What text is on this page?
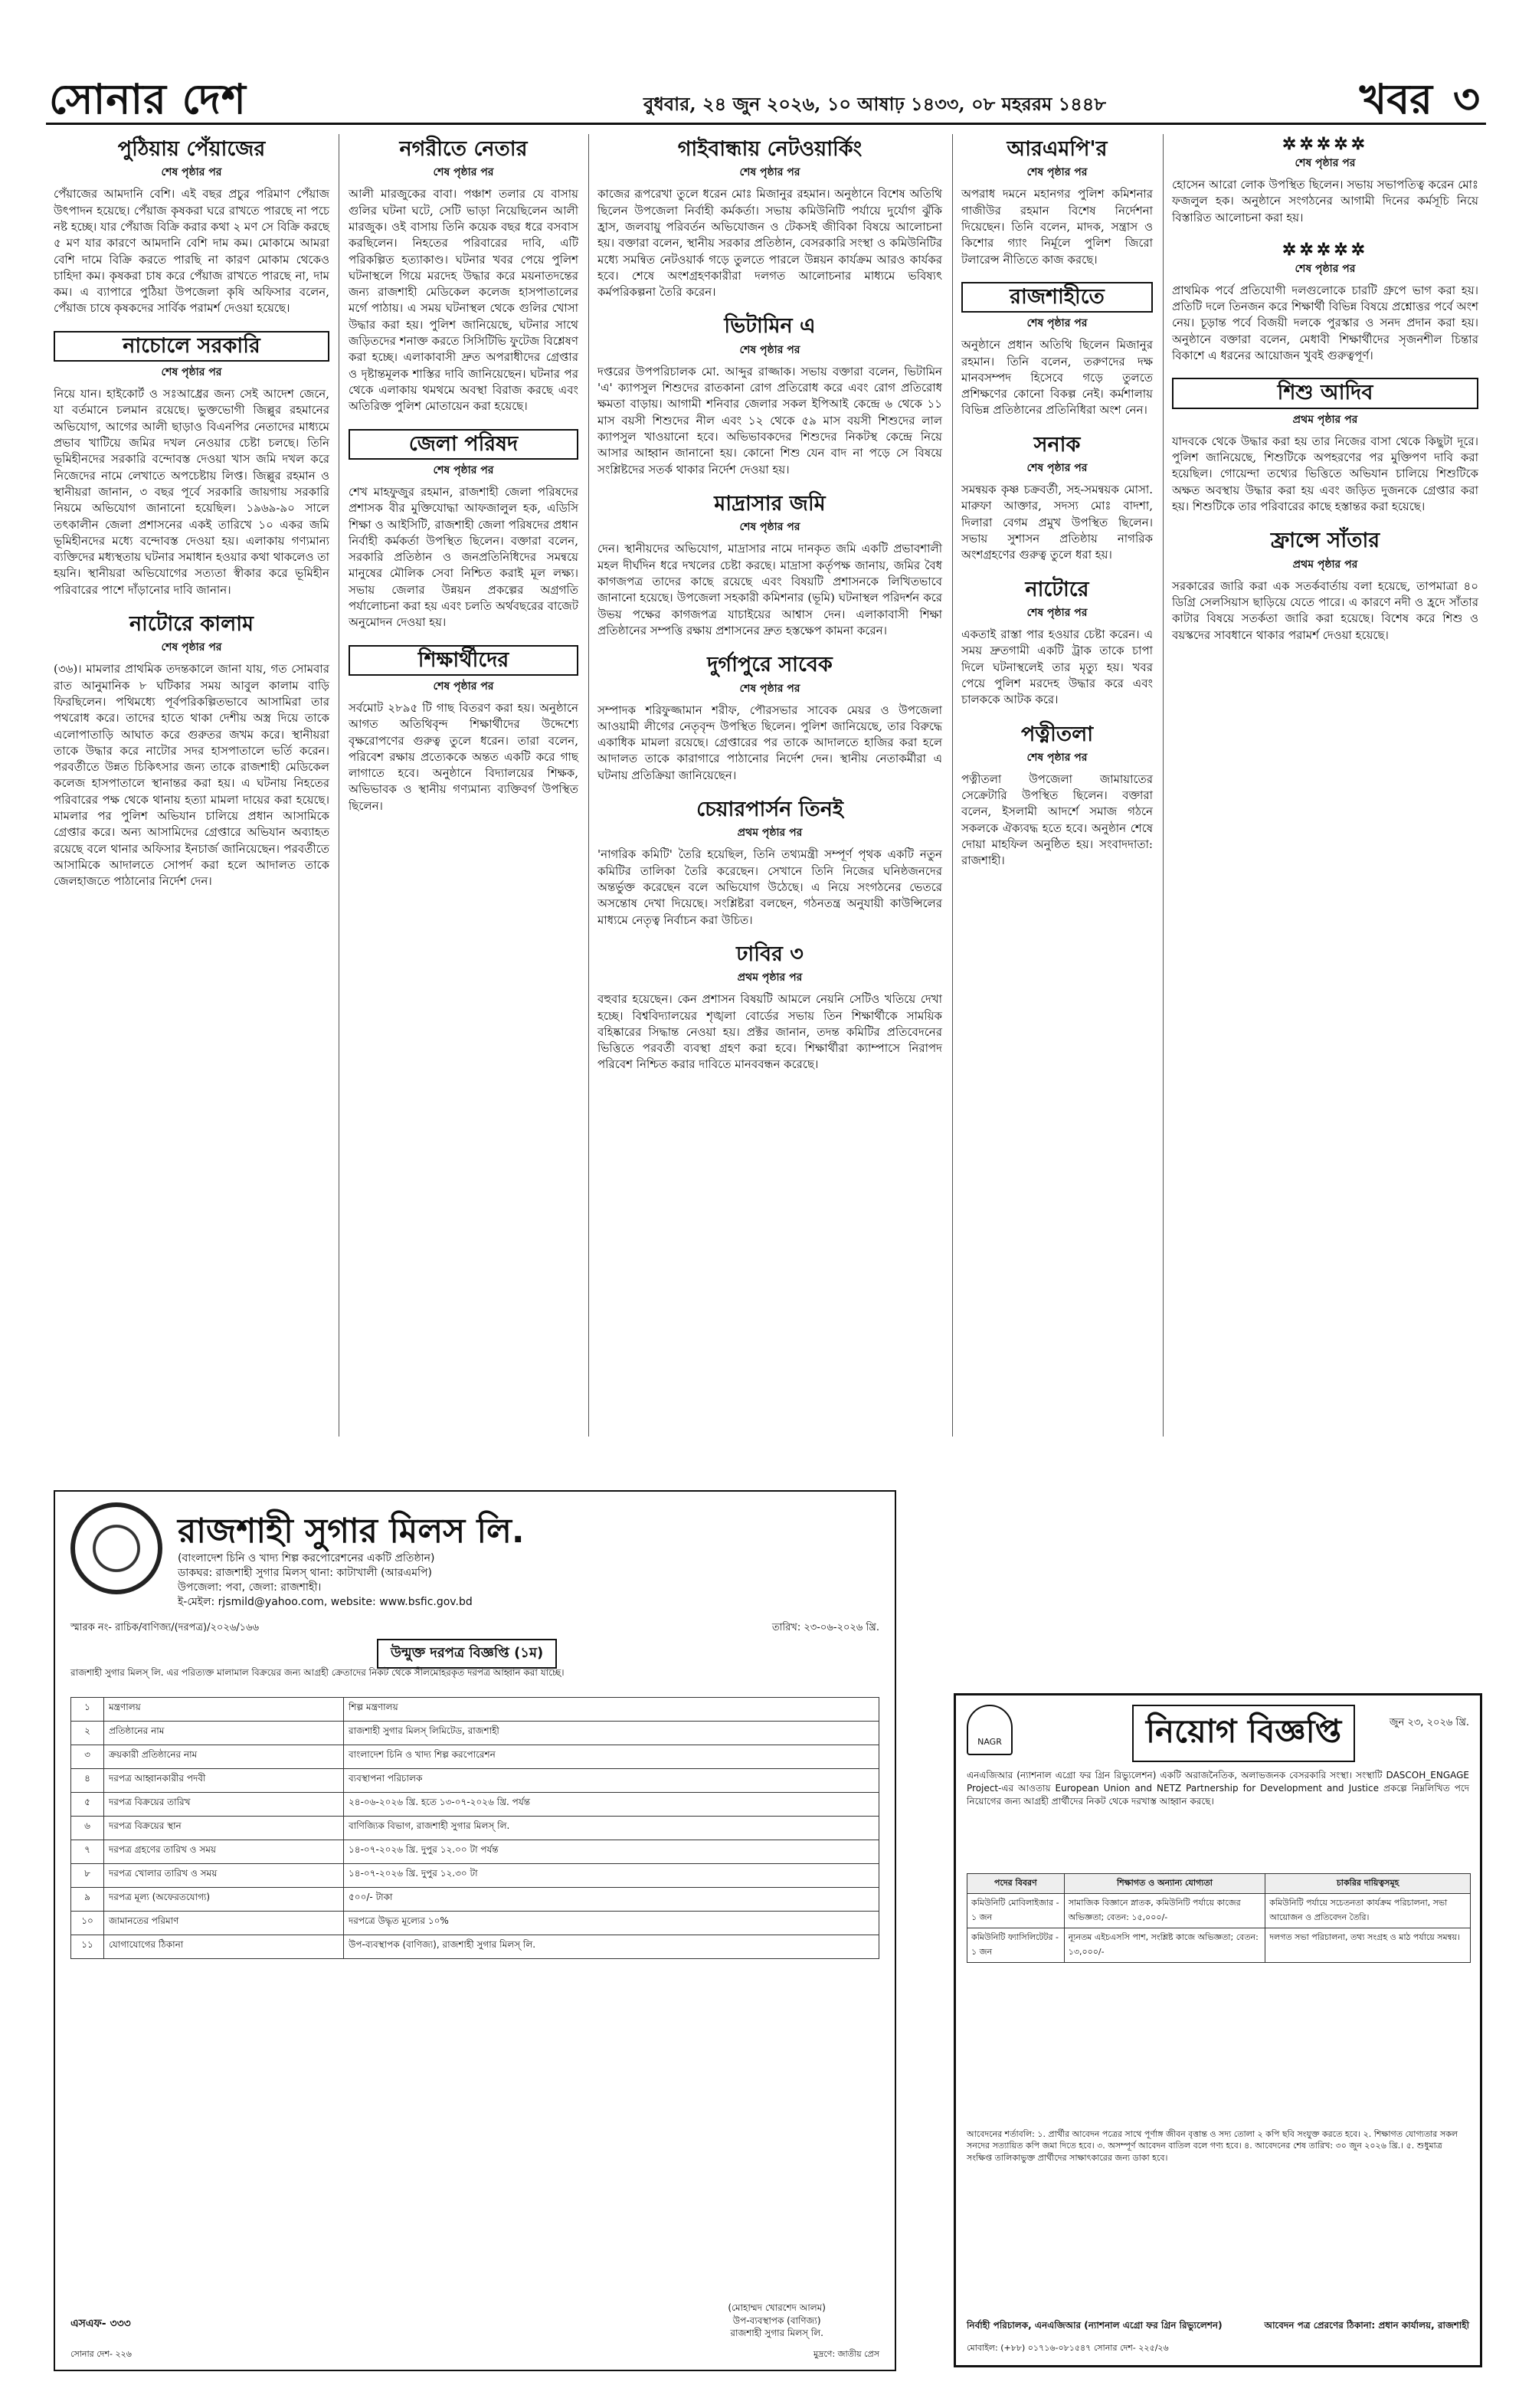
সোনার দেশ	বুধবার, ২৪ জুন ২০২৬, ১০ আষাঢ় ১৪৩৩, ০৮ মহররম ১৪৪৮	খবর ৩
পুঠিয়ায় পেঁয়াজের
শেষ পৃষ্ঠার পর
পেঁয়াজের আমদানি বেশি। এই বছর প্রচুর পরিমাণ পেঁয়াজ উৎপাদন হয়েছে। পেঁয়াজ কৃষকরা ঘরে রাখতে পারছে না পচে নষ্ট হচ্ছে। যার পেঁয়াজ বিক্রি করার কথা ২ মণ সে বিক্রি করছে ৫ মণ যার কারণে আমদানি বেশি দাম কম। মোকামে আমরা বেশি দামে বিক্রি করতে পারছি না কারণ মোকাম থেকেও চাহিদা কম। কৃষকরা চাষ করে পেঁয়াজ রাখতে পারছে না, দাম কম। এ ব্যাপারে পুঠিয়া উপজেলা কৃষি অফিসার বলেন, পেঁয়াজ চাষে কৃষকদের সার্বিক পরামর্শ দেওয়া হয়েছে।
নাচোলে সরকারি
শেষ পৃষ্ঠার পর
নিয়ে যান। হাইকোর্ট ও সঃআধ্রের জন্য সেই আদেশ জেনে, যা বর্তমানে চলমান রয়েছে। ভুক্তভোগী জিল্লুর রহমানের অভিযোগ, আগের আলী ছাড়াও বিএনপির নেতাদের মাধ্যমে প্রভাব খাটিয়ে জমির দখল নেওয়ার চেষ্টা চলছে। তিনি ভূমিহীনদের সরকারি বন্দোবস্ত দেওয়া খাস জমি দখল করে নিজেদের নামে লেখাতে অপচেষ্টায় লিপ্ত। জিল্লুর রহমান ও স্থানীয়রা জানান, ৩ বছর পূর্বে সরকারি জায়গায় সরকারি নিয়মে অভিযোগ জানানো হয়েছিল। ১৯৬৯-৯০ সালে তৎকালীন জেলা প্রশাসনের একই তারিখে ১০ একর জমি ভূমিহীনদের মধ্যে বন্দোবস্ত দেওয়া হয়। এলাকায় গণ্যমান্য ব্যক্তিদের মধ্যস্থতায় ঘটনার সমাধান হওয়ার কথা থাকলেও তা হয়নি। স্থানীয়রা অভিযোগের সত্যতা স্বীকার করে ভূমিহীন পরিবারের পাশে দাঁড়ানোর দাবি জানান।
নাটোরে কালাম
শেষ পৃষ্ঠার পর
(৩৬)। মামলার প্রাথমিক তদন্তকালে জানা যায়, গত সোমবার রাত আনুমানিক ৮ ঘটিকার সময় আবুল কালাম বাড়ি ফিরছিলেন। পথিমধ্যে পূর্বপরিকল্পিতভাবে আসামিরা তার পথরোধ করে। তাদের হাতে থাকা দেশীয় অস্ত্র দিয়ে তাকে এলোপাতাড়ি আঘাত করে গুরুতর জখম করে। স্থানীয়রা তাকে উদ্ধার করে নাটোর সদর হাসপাতালে ভর্তি করেন। পরবর্তীতে উন্নত চিকিৎসার জন্য তাকে রাজশাহী মেডিকেল কলেজ হাসপাতালে স্থানান্তর করা হয়। এ ঘটনায় নিহতের পরিবারের পক্ষ থেকে থানায় হত্যা মামলা দায়ের করা হয়েছে। মামলার পর পুলিশ অভিযান চালিয়ে প্রধান আসামিকে গ্রেপ্তার করে। অন্য আসামিদের গ্রেপ্তারে অভিযান অব্যাহত রয়েছে বলে থানার অফিসার ইনচার্জ জানিয়েছেন। পরবর্তীতে আসামিকে আদালতে সোপর্দ করা হলে আদালত তাকে জেলহাজতে পাঠানোর নির্দেশ দেন।
নগরীতে নেতার
শেষ পৃষ্ঠার পর
আলী মারজুকের বাবা। পঞ্চাশ তলার যে বাসায় গুলির ঘটনা ঘটে, সেটি ভাড়া নিয়েছিলেন আলী মারজুক। ওই বাসায় তিনি কয়েক বছর ধরে বসবাস করছিলেন। নিহতের পরিবারের দাবি, এটি পরিকল্পিত হত্যাকাণ্ড। ঘটনার খবর পেয়ে পুলিশ ঘটনাস্থলে গিয়ে মরদেহ উদ্ধার করে ময়নাতদন্তের জন্য রাজশাহী মেডিকেল কলেজ হাসপাতালের মর্গে পাঠায়। এ সময় ঘটনাস্থল থেকে গুলির খোসা উদ্ধার করা হয়। পুলিশ জানিয়েছে, ঘটনার সাথে জড়িতদের শনাক্ত করতে সিসিটিভি ফুটেজ বিশ্লেষণ করা হচ্ছে। এলাকাবাসী দ্রুত অপরাধীদের গ্রেপ্তার ও দৃষ্টান্তমূলক শাস্তির দাবি জানিয়েছেন। ঘটনার পর থেকে এলাকায় থমথমে অবস্থা বিরাজ করছে এবং অতিরিক্ত পুলিশ মোতায়েন করা হয়েছে।
জেলা পরিষদ
শেষ পৃষ্ঠার পর
শেখ মাহফুজুর রহমান, রাজশাহী জেলা পরিষদের প্রশাসক বীর মুক্তিযোদ্ধা আফজালুল হক, এডিসি শিক্ষা ও আইসিটি, রাজশাহী জেলা পরিষদের প্রধান নির্বাহী কর্মকর্তা উপস্থিত ছিলেন। বক্তারা বলেন, সরকারি প্রতিষ্ঠান ও জনপ্রতিনিধিদের সমন্বয়ে মানুষের মৌলিক সেবা নিশ্চিত করাই মূল লক্ষ্য। সভায় জেলার উন্নয়ন প্রকল্পের অগ্রগতি পর্যালোচনা করা হয় এবং চলতি অর্থবছরের বাজেট অনুমোদন দেওয়া হয়।
শিক্ষার্থীদের
শেষ পৃষ্ঠার পর
সর্বমোট ২৮৯৫ টি গাছ বিতরণ করা হয়। অনুষ্ঠানে আগত অতিথিবৃন্দ শিক্ষার্থীদের উদ্দেশ্যে বৃক্ষরোপণের গুরুত্ব তুলে ধরেন। তারা বলেন, পরিবেশ রক্ষায় প্রত্যেককে অন্তত একটি করে গাছ লাগাতে হবে। অনুষ্ঠানে বিদ্যালয়ের শিক্ষক, অভিভাবক ও স্থানীয় গণ্যমান্য ব্যক্তিবর্গ উপস্থিত ছিলেন।
গাইবান্ধায় নেটওয়ার্কিং
শেষ পৃষ্ঠার পর
কাজের রূপরেখা তুলে ধরেন মোঃ মিজানুর রহমান। অনুষ্ঠানে বিশেষ অতিথি ছিলেন উপজেলা নির্বাহী কর্মকর্তা। সভায় কমিউনিটি পর্যায়ে দুর্যোগ ঝুঁকি হ্রাস, জলবায়ু পরিবর্তন অভিযোজন ও টেকসই জীবিকা বিষয়ে আলোচনা হয়। বক্তারা বলেন, স্থানীয় সরকার প্রতিষ্ঠান, বেসরকারি সংস্থা ও কমিউনিটির মধ্যে সমন্বিত নেটওয়ার্ক গড়ে তুলতে পারলে উন্নয়ন কার্যক্রম আরও কার্যকর হবে। শেষে অংশগ্রহণকারীরা দলগত আলোচনার মাধ্যমে ভবিষ্যৎ কর্মপরিকল্পনা তৈরি করেন।
ভিটামিন এ
শেষ পৃষ্ঠার পর
দপ্তরের উপপরিচালক মো. আব্দুর রাজ্জাক। সভায় বক্তারা বলেন, ভিটামিন 'এ' ক্যাপসুল শিশুদের রাতকানা রোগ প্রতিরোধ করে এবং রোগ প্রতিরোধ ক্ষমতা বাড়ায়। আগামী শনিবার জেলার সকল ইপিআই কেন্দ্রে ৬ থেকে ১১ মাস বয়সী শিশুদের নীল এবং ১২ থেকে ৫৯ মাস বয়সী শিশুদের লাল ক্যাপসুল খাওয়ানো হবে। অভিভাবকদের শিশুদের নিকটস্থ কেন্দ্রে নিয়ে আসার আহ্বান জানানো হয়। কোনো শিশু যেন বাদ না পড়ে সে বিষয়ে সংশ্লিষ্টদের সতর্ক থাকার নির্দেশ দেওয়া হয়।
মাদ্রাসার জমি
শেষ পৃষ্ঠার পর
দেন। স্থানীয়দের অভিযোগ, মাদ্রাসার নামে দানকৃত জমি একটি প্রভাবশালী মহল দীর্ঘদিন ধরে দখলের চেষ্টা করছে। মাদ্রাসা কর্তৃপক্ষ জানায়, জমির বৈধ কাগজপত্র তাদের কাছে রয়েছে এবং বিষয়টি প্রশাসনকে লিখিতভাবে জানানো হয়েছে। উপজেলা সহকারী কমিশনার (ভূমি) ঘটনাস্থল পরিদর্শন করে উভয় পক্ষের কাগজপত্র যাচাইয়ের আশ্বাস দেন। এলাকাবাসী শিক্ষা প্রতিষ্ঠানের সম্পত্তি রক্ষায় প্রশাসনের দ্রুত হস্তক্ষেপ কামনা করেন।
দুর্গাপুরে সাবেক
শেষ পৃষ্ঠার পর
সম্পাদক শরিফুজ্জামান শরীফ, পৌরসভার সাবেক মেয়র ও উপজেলা আওয়ামী লীগের নেতৃবৃন্দ উপস্থিত ছিলেন। পুলিশ জানিয়েছে, তার বিরুদ্ধে একাধিক মামলা রয়েছে। গ্রেপ্তারের পর তাকে আদালতে হাজির করা হলে আদালত তাকে কারাগারে পাঠানোর নির্দেশ দেন। স্থানীয় নেতাকর্মীরা এ ঘটনায় প্রতিক্রিয়া জানিয়েছেন।
চেয়ারপার্সন তিনই
প্রথম পৃষ্ঠার পর
'নাগরিক কমিটি' তৈরি হয়েছিল, তিনি তথ্যমন্ত্রী সম্পূর্ণ পৃথক একটি নতুন কমিটির তালিকা তৈরি করেছেন। সেখানে তিনি নিজের ঘনিষ্ঠজনদের অন্তর্ভুক্ত করেছেন বলে অভিযোগ উঠেছে। এ নিয়ে সংগঠনের ভেতরে অসন্তোষ দেখা দিয়েছে। সংশ্লিষ্টরা বলছেন, গঠনতন্ত্র অনুযায়ী কাউন্সিলের মাধ্যমে নেতৃত্ব নির্বাচন করা উচিত।
ঢাবির ৩
প্রথম পৃষ্ঠার পর
বহুবার হয়েছেন। কেন প্রশাসন বিষয়টি আমলে নেয়নি সেটিও খতিয়ে দেখা হচ্ছে। বিশ্ববিদ্যালয়ের শৃঙ্খলা বোর্ডের সভায় তিন শিক্ষার্থীকে সাময়িক বহিষ্কারের সিদ্ধান্ত নেওয়া হয়। প্রক্টর জানান, তদন্ত কমিটির প্রতিবেদনের ভিত্তিতে পরবর্তী ব্যবস্থা গ্রহণ করা হবে। শিক্ষার্থীরা ক্যাম্পাসে নিরাপদ পরিবেশ নিশ্চিত করার দাবিতে মানববন্ধন করেছে।
আরএমপি'র
শেষ পৃষ্ঠার পর
অপরাধ দমনে মহানগর পুলিশ কমিশনার গাজীউর রহমান বিশেষ নির্দেশনা দিয়েছেন। তিনি বলেন, মাদক, সন্ত্রাস ও কিশোর গ্যাং নির্মূলে পুলিশ জিরো টলারেন্স নীতিতে কাজ করছে।
রাজশাহীতে
শেষ পৃষ্ঠার পর
অনুষ্ঠানে প্রধান অতিথি ছিলেন মিজানুর রহমান। তিনি বলেন, তরুণদের দক্ষ মানবসম্পদ হিসেবে গড়ে তুলতে প্রশিক্ষণের কোনো বিকল্প নেই। কর্মশালায় বিভিন্ন প্রতিষ্ঠানের প্রতিনিধিরা অংশ নেন।
সনাক
শেষ পৃষ্ঠার পর
সমন্বয়ক কৃষ্ণ চক্রবর্তী, সহ-সমন্বয়ক মোসা. মারুফা আক্তার, সদস্য মোঃ বাদশা, দিলারা বেগম প্রমুখ উপস্থিত ছিলেন। সভায় সুশাসন প্রতিষ্ঠায় নাগরিক অংশগ্রহণের গুরুত্ব তুলে ধরা হয়।
নাটোরে
শেষ পৃষ্ঠার পর
একতাই রাস্তা পার হওয়ার চেষ্টা করেন। এ সময় দ্রুতগামী একটি ট্রাক তাকে চাপা দিলে ঘটনাস্থলেই তার মৃত্যু হয়। খবর পেয়ে পুলিশ মরদেহ উদ্ধার করে এবং চালককে আটক করে।
পত্নীতলা
শেষ পৃষ্ঠার পর
পত্নীতলা উপজেলা জামায়াতের সেক্রেটারি উপস্থিত ছিলেন। বক্তারা বলেন, ইসলামী আদর্শে সমাজ গঠনে সকলকে ঐক্যবদ্ধ হতে হবে। অনুষ্ঠান শেষে দোয়া মাহফিল অনুষ্ঠিত হয়। সংবাদদাতা: রাজশাহী।
✲✲✲✲✲
শেষ পৃষ্ঠার পর
হোসেন আরো লোক উপস্থিত ছিলেন। সভায় সভাপতিত্ব করেন মোঃ ফজলুল হক। অনুষ্ঠানে সংগঠনের আগামী দিনের কর্মসূচি নিয়ে বিস্তারিত আলোচনা করা হয়।
✲✲✲✲✲
শেষ পৃষ্ঠার পর
প্রাথমিক পর্বে প্রতিযোগী দলগুলোকে চারটি গ্রুপে ভাগ করা হয়। প্রতিটি দলে তিনজন করে শিক্ষার্থী বিভিন্ন বিষয়ে প্রশ্নোত্তর পর্বে অংশ নেয়। চূড়ান্ত পর্বে বিজয়ী দলকে পুরস্কার ও সনদ প্রদান করা হয়। অনুষ্ঠানে বক্তারা বলেন, মেধাবী শিক্ষার্থীদের সৃজনশীল চিন্তার বিকাশে এ ধরনের আয়োজন খুবই গুরুত্বপূর্ণ।
শিশু আদিব
প্রথম পৃষ্ঠার পর
যাদবকে থেকে উদ্ধার করা হয় তার নিজের বাসা থেকে কিছুটা দূরে। পুলিশ জানিয়েছে, শিশুটিকে অপহরণের পর মুক্তিপণ দাবি করা হয়েছিল। গোয়েন্দা তথ্যের ভিত্তিতে অভিযান চালিয়ে শিশুটিকে অক্ষত অবস্থায় উদ্ধার করা হয় এবং জড়িত দুজনকে গ্রেপ্তার করা হয়। শিশুটিকে তার পরিবারের কাছে হস্তান্তর করা হয়েছে।
ফ্রান্সে সাঁতার
প্রথম পৃষ্ঠার পর
সরকারের জারি করা এক সতর্কবার্তায় বলা হয়েছে, তাপমাত্রা ৪০ ডিগ্রি সেলসিয়াস ছাড়িয়ে যেতে পারে। এ কারণে নদী ও হ্রদে সাঁতার কাটার বিষয়ে সতর্কতা জারি করা হয়েছে। বিশেষ করে শিশু ও বয়স্কদের সাবধানে থাকার পরামর্শ দেওয়া হয়েছে।
রাজশাহী সুগার মিলস লি.
(বাংলাদেশ চিনি ও খাদ্য শিল্প করপোরেশনের একটি প্রতিষ্ঠান)
ডাকঘর: রাজশাহী সুগার মিলস্ থানা: কাটাখালী (আরএমপি)
উপজেলা: পবা, জেলা: রাজশাহী।
ই-মেইল: rjsmild@yahoo.com, website: www.bsfic.gov.bd
স্মারক নং- রাচিক/বাণিজ্য/(দরপত্র)/২০২৬/১৬৬	তারিখ: ২৩-০৬-২০২৬ খ্রি.
উন্মুক্ত দরপত্র বিজ্ঞপ্তি (১ম)
রাজশাহী সুগার মিলস্ লি. এর পরিত্যক্ত মালামাল বিক্রয়ের জন্য আগ্রহী ক্রেতাদের নিকট থেকে সীলমোহরকৃত দরপত্র আহ্বান করা যাচ্ছে।
১	মন্ত্রণালয়	শিল্প মন্ত্রণালয়
২	প্রতিষ্ঠানের নাম	রাজশাহী সুগার মিলস্ লিমিটেড, রাজশাহী
৩	ক্রয়কারী প্রতিষ্ঠানের নাম	বাংলাদেশ চিনি ও খাদ্য শিল্প করপোরেশন
৪	দরপত্র আহ্বানকারীর পদবী	ব্যবস্থাপনা পরিচালক
৫	দরপত্র বিক্রয়ের তারিখ	২৪-০৬-২০২৬ খ্রি. হতে ১৩-০৭-২০২৬ খ্রি. পর্যন্ত
৬	দরপত্র বিক্রয়ের স্থান	বাণিজ্যিক বিভাগ, রাজশাহী সুগার মিলস্ লি.
৭	দরপত্র গ্রহণের তারিখ ও সময়	১৪-০৭-২০২৬ খ্রি. দুপুর ১২.০০ টা পর্যন্ত
৮	দরপত্র খোলার তারিখ ও সময়	১৪-০৭-২০২৬ খ্রি. দুপুর ১২.৩০ টা
৯	দরপত্র মূল্য (অফেরতযোগ্য)	৫০০/- টাকা
১০	জামানতের পরিমাণ	দরপত্রে উদ্ধৃত মূল্যের ১০%
১১	যোগাযোগের ঠিকানা	উপ-ব্যবস্থাপক (বাণিজ্য), রাজশাহী সুগার মিলস্ লি.
এসএফ- ৩৩৩
(মোহাম্মদ খোরশেদ আলম)
উপ-ব্যবস্থাপক (বাণিজ্য)
রাজশাহী সুগার মিলস্ লি.
সোনার দেশ- ২২৬	মুদ্রণে: জাতীয় প্রেস
NAGR	নিয়োগ বিজ্ঞপ্তি	জুন ২৩, ২০২৬ খ্রি.
এনএজিআর (ন্যাশনাল এগ্রো ফর গ্রিন রিভ্যুলেশন) একটি অরাজনৈতিক, অলাভজনক বেসরকারি সংস্থা। সংস্থাটি DASCOH_ENGAGE Project-এর আওতায় European Union and NETZ Partnership for Development and Justice প্রকল্পে নিম্নলিখিত পদে নিয়োগের জন্য আগ্রহী প্রার্থীদের নিকট থেকে দরখাস্ত আহ্বান করছে।
পদের বিবরণ	শিক্ষাগত ও অন্যান্য যোগ্যতা	চাকরির দায়িত্বসমূহ
কমিউনিটি মোবিলাইজার - ১ জন	সামাজিক বিজ্ঞানে স্নাতক, কমিউনিটি পর্যায়ে কাজের অভিজ্ঞতা; বেতন: ১৫,০০০/-	কমিউনিটি পর্যায়ে সচেতনতা কার্যক্রম পরিচালনা, সভা আয়োজন ও প্রতিবেদন তৈরি।
কমিউনিটি ফ্যাসিলিটেটর - ১ জন	ন্যূনতম এইচএসসি পাশ, সংশ্লিষ্ট কাজে অভিজ্ঞতা; বেতন: ১৩,০০০/-	দলগত সভা পরিচালনা, তথ্য সংগ্রহ ও মাঠ পর্যায়ে সমন্বয়।
আবেদনের শর্তাবলি: ১. প্রার্থীর আবেদন পত্রের সাথে পূর্ণাঙ্গ জীবন বৃত্তান্ত ও সদ্য তোলা ২ কপি ছবি সংযুক্ত করতে হবে। ২. শিক্ষাগত যোগ্যতার সকল সনদের সত্যায়িত কপি জমা দিতে হবে। ৩. অসম্পূর্ণ আবেদন বাতিল বলে গণ্য হবে। ৪. আবেদনের শেষ তারিখ: ৩০ জুন ২০২৬ খ্রি.। ৫. শুধুমাত্র সংক্ষিপ্ত তালিকাভুক্ত প্রার্থীদের সাক্ষাৎকারের জন্য ডাকা হবে।
নির্বাহী পরিচালক, এনএজিআর (ন্যাশনাল এগ্রো ফর গ্রিন রিভ্যুলেশন)	আবেদন পত্র প্রেরণের ঠিকানা: প্রধান কার্যালয়, রাজশাহী
মোবাইল: (+৮৮) ০১৭১৬-০৮১৫৪৭ সোনার দেশ- ২২৫/২৬
